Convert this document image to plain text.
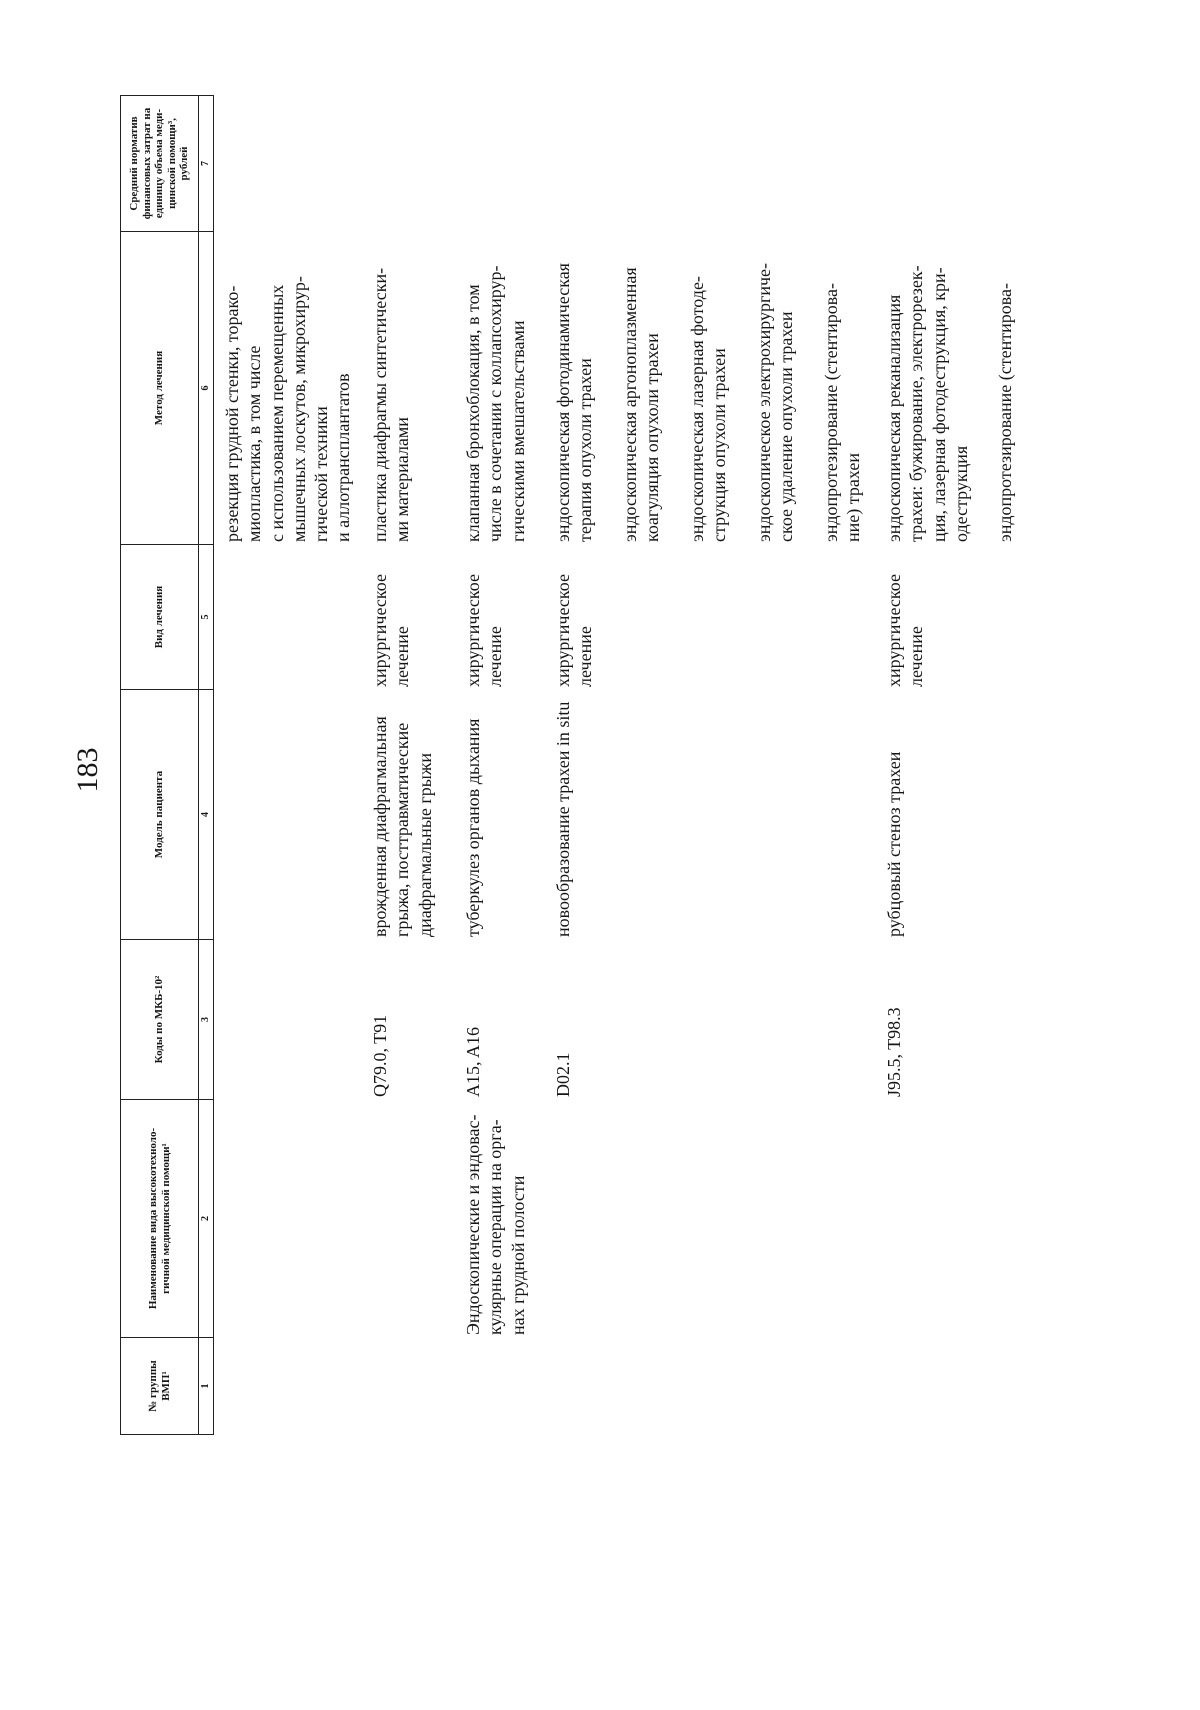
183
№ группы
ВМП¹
Наименование вида высокотехноло-
гичной медицинской помощи¹
Коды по МКБ-10²
Модель пациента
Вид лечения
Метод лечения
Средний норматив
финансовых затрат на
единицу объема меди-
цинской помощи³,
рублей
1
2
3
4
5
6
7
резекция грудной стенки, торако-
миопластика, в том числе
с использованием перемещенных
мышечных лоскутов, микрохирур-
гической техники
и аллотрансплантатов
Q79.0, T91
врожденная диафрагмальная
грыжа, посттравматические
диафрагмальные грыжи
хирургическое
лечение
пластика диафрагмы синтетически-
ми материалами
Эндоскопические и эндовас-
кулярные операции на орга-
нах грудной полости
A15, A16
туберкулез органов дыхания
хирургическое
лечение
клапанная бронхоблокация, в том
числе в сочетании с коллапсохирур-
гическими вмешательствами
D02.1
новообразование трахеи in situ
хирургическое
лечение
эндоскопическая фотодинамическая
терапия опухоли трахеи
эндоскопическая аргоноплазменная
коагуляция опухоли трахеи
эндоскопическая лазерная фотоде-
струкция опухоли трахеи
эндоскопическое электрохирургиче-
ское удаление опухоли трахеи
эндопротезирование (стентирова-
ние) трахеи
J95.5, T98.3
рубцовый стеноз трахеи
хирургическое
лечение
эндоскопическая реканализация
трахеи: бужирование, электрорезек-
ция, лазерная фотодеструкция, кри-
одеструкция эндопротезирование (стентирова-
